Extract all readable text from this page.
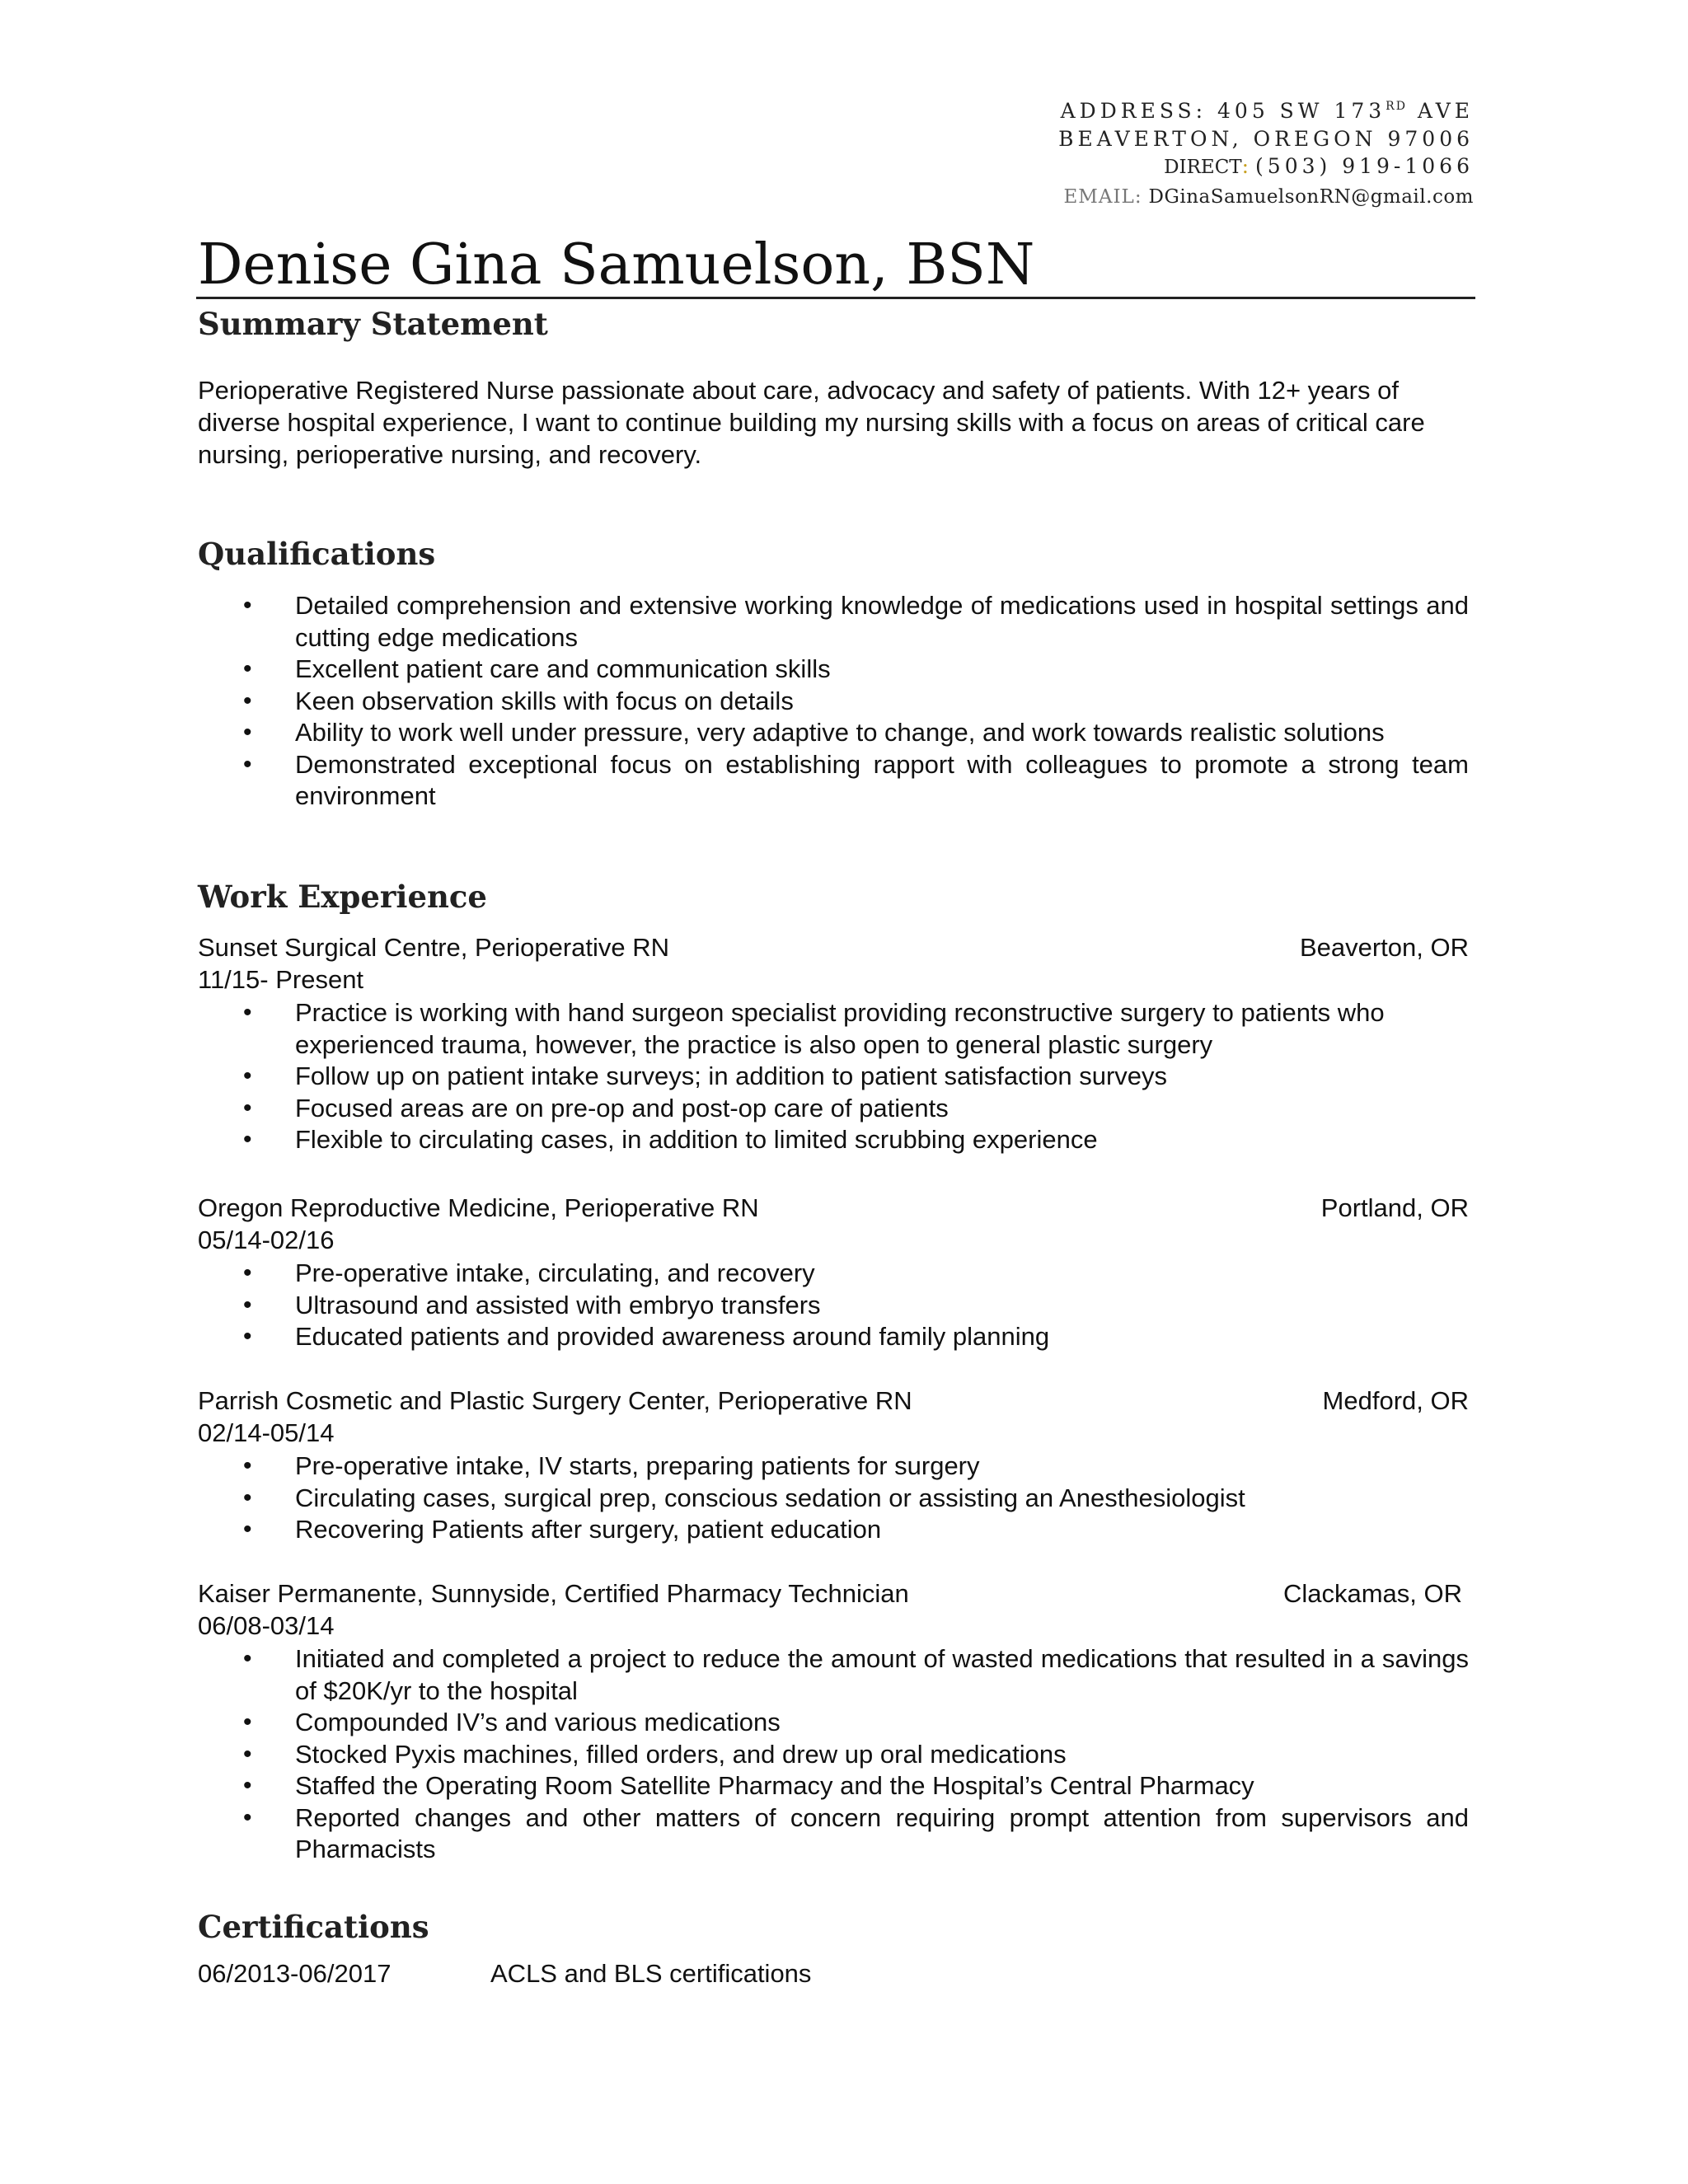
ADDRESS: 405 SW 173RD AVE
BEAVERTON, OREGON 97006
DIRECT: (503) 919-1066
EMAIL: DGinaSamuelsonRN@gmail.com
Denise Gina Samuelson, BSN
Summary Statement
Perioperative Registered Nurse passionate about care, advocacy and safety of patients. With 12+ years of diverse hospital experience, I want to continue building my nursing skills with a focus on areas of critical care nursing, perioperative nursing, and recovery.
Qualifications
• Detailed comprehension and extensive working knowledge of medications used in hospital settings and cutting edge medications
• Excellent patient care and communication skills
• Keen observation skills with focus on details
• Ability to work well under pressure, very adaptive to change, and work towards realistic solutions
• Demonstrated exceptional focus on establishing rapport with colleagues to promote a strong team environment
Work Experience
Sunset Surgical Centre, Perioperative RN	Beaverton, OR
11/15- Present
• Practice is working with hand surgeon specialist providing reconstructive surgery to patients who experienced trauma, however, the practice is also open to general plastic surgery
• Follow up on patient intake surveys; in addition to patient satisfaction surveys
• Focused areas are on pre-op and post-op care of patients
• Flexible to circulating cases, in addition to limited scrubbing experience
Oregon Reproductive Medicine, Perioperative RN	Portland, OR
05/14-02/16
• Pre-operative intake, circulating, and recovery
• Ultrasound and assisted with embryo transfers
• Educated patients and provided awareness around family planning
Parrish Cosmetic and Plastic Surgery Center, Perioperative RN	Medford, OR
02/14-05/14
• Pre-operative intake, IV starts, preparing patients for surgery
• Circulating cases, surgical prep, conscious sedation or assisting an Anesthesiologist
• Recovering Patients after surgery, patient education
Kaiser Permanente, Sunnyside, Certified Pharmacy Technician	Clackamas, OR
06/08-03/14
• Initiated and completed a project to reduce the amount of wasted medications that resulted in a savings of $20K/yr to the hospital
• Compounded IV’s and various medications
• Stocked Pyxis machines, filled orders, and drew up oral medications
• Staffed the Operating Room Satellite Pharmacy and the Hospital’s Central Pharmacy
• Reported changes and other matters of concern requiring prompt attention from supervisors and Pharmacists
Certifications
06/2013-06/2017	ACLS and BLS certifications
